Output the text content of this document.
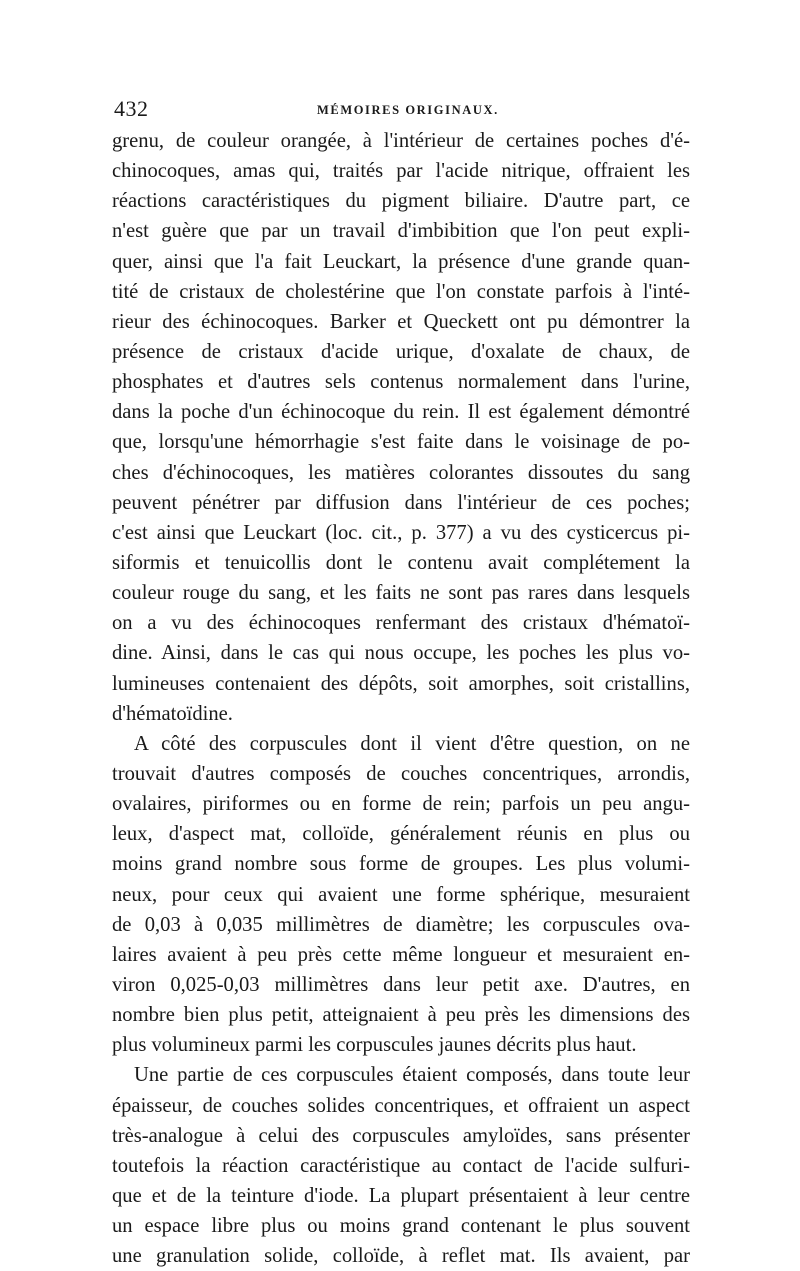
432	MÉMOIRES ORIGINAUX.
grenu, de couleur orangée, à l'intérieur de certaines poches d'é-
chinocoques, amas qui, traités par l'acide nitrique, offraient les
réactions caractéristiques du pigment biliaire. D'autre part, ce
n'est guère que par un travail d'imbibition que l'on peut expli-
quer, ainsi que l'a fait Leuckart, la présence d'une grande quan-
tité de cristaux de cholestérine que l'on constate parfois à l'inté-
rieur des échinocoques. Barker et Queckett ont pu démontrer la
présence de cristaux d'acide urique, d'oxalate de chaux, de
phosphates et d'autres sels contenus normalement dans l'urine,
dans la poche d'un échinocoque du rein. Il est également démontré
que, lorsqu'une hémorrhagie s'est faite dans le voisinage de po-
ches d'échinocoques, les matières colorantes dissoutes du sang
peuvent pénétrer par diffusion dans l'intérieur de ces poches;
c'est ainsi que Leuckart (loc. cit., p. 377) a vu des cysticercus pi-
siformis et tenuicollis dont le contenu avait complétement la
couleur rouge du sang, et les faits ne sont pas rares dans lesquels
on a vu des échinocoques renfermant des cristaux d'hématoï-
dine. Ainsi, dans le cas qui nous occupe, les poches les plus vo-
lumineuses contenaient des dépôts, soit amorphes, soit cristallins,
d'hématoïdine.
A côté des corpuscules dont il vient d'être question, on ne
trouvait d'autres composés de couches concentriques, arrondis,
ovalaires, piriformes ou en forme de rein; parfois un peu angu-
leux, d'aspect mat, colloïde, généralement réunis en plus ou
moins grand nombre sous forme de groupes. Les plus volumi-
neux, pour ceux qui avaient une forme sphérique, mesuraient
de 0,03 à 0,035 millimètres de diamètre; les corpuscules ova-
laires avaient à peu près cette même longueur et mesuraient en-
viron 0,025-0,03 millimètres dans leur petit axe. D'autres, en
nombre bien plus petit, atteignaient à peu près les dimensions des
plus volumineux parmi les corpuscules jaunes décrits plus haut.
Une partie de ces corpuscules étaient composés, dans toute leur
épaisseur, de couches solides concentriques, et offraient un aspect
très-analogue à celui des corpuscules amyloïdes, sans présenter
toutefois la réaction caractéristique au contact de l'acide sulfuri-
que et de la teinture d'iode. La plupart présentaient à leur centre
un espace libre plus ou moins grand contenant le plus souvent
une granulation solide, colloïde, à reflet mat. Ils avaient, par
